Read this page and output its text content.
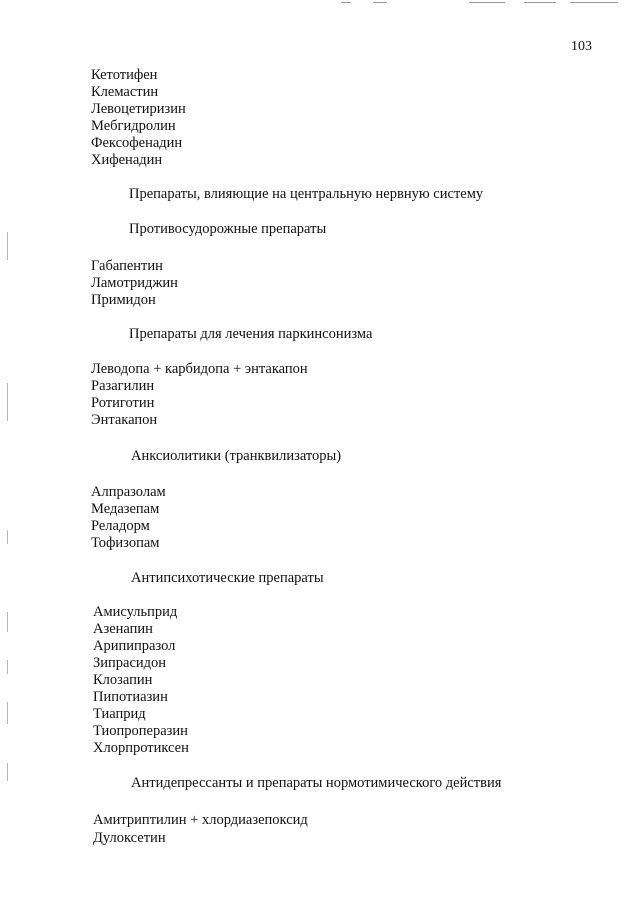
103
Кетотифен
Клемастин
Левоцетиризин
Мебгидролин
Фексофенадин
Хифенадин
Препараты, влияющие на центральную нервную систему
Противосудорожные препараты
Габапентин
Ламотриджин
Примидон
Препараты для лечения паркинсонизма
Леводопа + карбидопа + энтакапон
Разагилин
Ротиготин
Энтакапон
Анксиолитики (транквилизаторы)
Алпразолам
Медазепам
Реладорм
Тофизопам
Антипсихотические препараты
Амисульприд
Азенапин
Арипипразол
Зипрасидон
Клозапин
Пипотиазин
Тиаприд
Тиопроперазин
Хлорпротиксен
Антидепрессанты и препараты нормотимического действия
Амитриптилин + хлордиазепоксид
Дулоксетин
